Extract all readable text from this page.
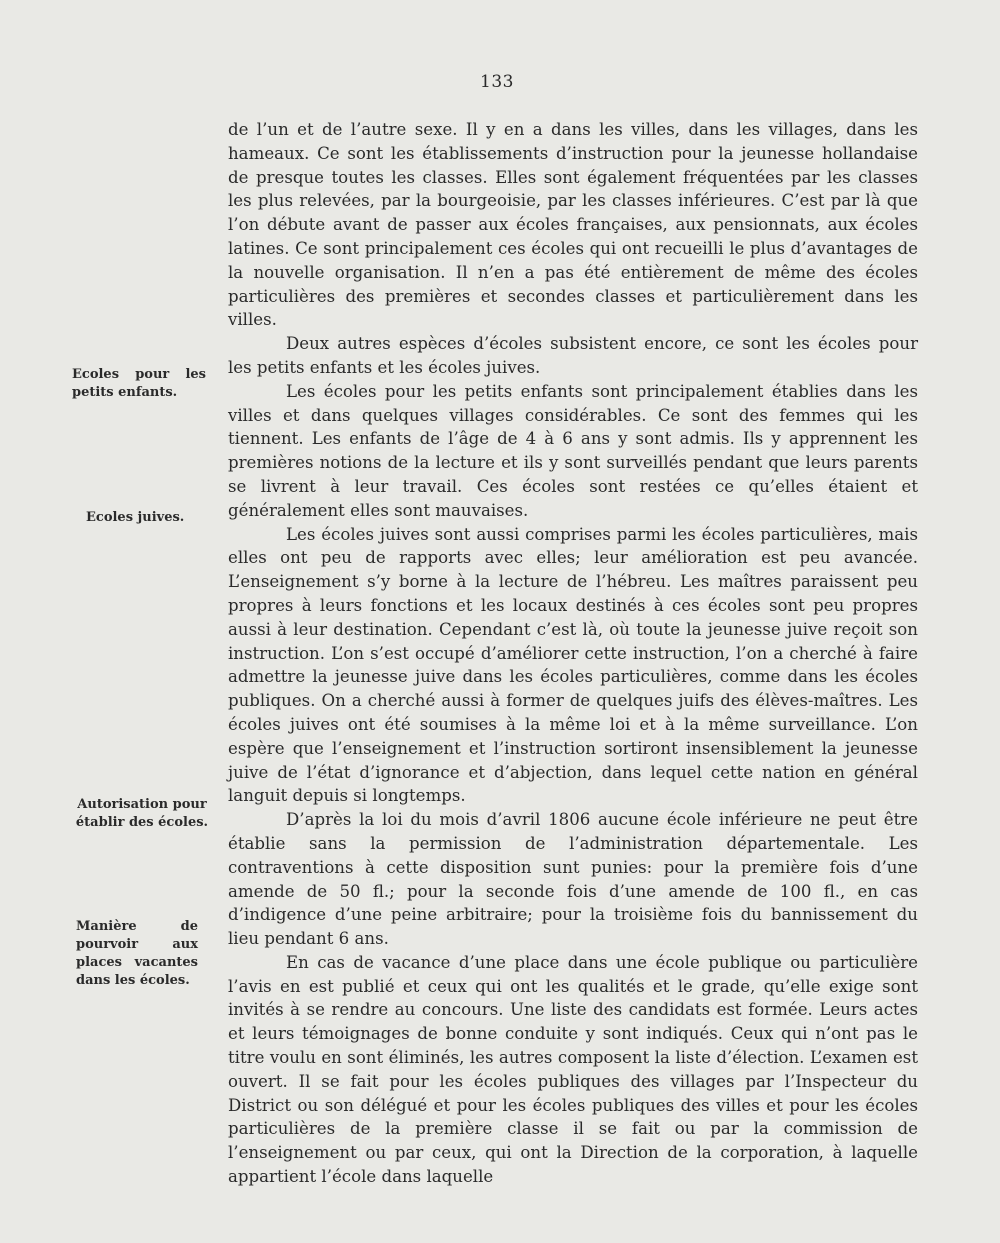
133
Ecoles pour les petits enfants.
Ecoles juives.
Autorisation pour établir des écoles.
Manière de pourvoir aux places vacantes dans les écoles.

de l’un et de l’autre sexe. Il y en a dans les villes, dans les villages, dans les hameaux. Ce sont les établissements d’instruction pour la jeunesse hollandaise de presque toutes les classes. Elles sont également fréquentées par les classes les plus relevées, par la bourgeoisie, par les classes inférieures. C’est par là que l’on débute avant de passer aux écoles françaises, aux pensionnats, aux écoles latines. Ce sont principalement ces écoles qui ont recueilli le plus d’avantages de la nouvelle organisation. Il n’en a pas été entièrement de même des écoles particulières des premières et secondes classes et particulièrement dans les villes.

Deux autres espèces d’écoles subsistent encore, ce sont les écoles pour les petits enfants et les écoles juives.

Les écoles pour les petits enfants sont principalement établies dans les villes et dans quelques villages considérables. Ce sont des femmes qui les tiennent. Les enfants de l’âge de 4 à 6 ans y sont admis. Ils y apprennent les premières notions de la lecture et ils y sont surveillés pendant que leurs parents se livrent à leur travail. Ces écoles sont restées ce qu’elles étaient et généralement elles sont mauvaises.

Les écoles juives sont aussi comprises parmi les écoles particulières, mais elles ont peu de rapports avec elles; leur amélioration est peu avancée. L’enseignement s’y borne à la lecture de l’hébreu. Les maîtres paraissent peu propres à leurs fonctions et les locaux destinés à ces écoles sont peu propres aussi à leur destination. Cependant c’est là, où toute la jeunesse juive reçoit son instruction. L’on s’est occupé d’améliorer cette instruction, l’on a cherché à faire admettre la jeunesse juive dans les écoles particulières, comme dans les écoles publiques. On a cherché aussi à former de quelques juifs des élèves-maîtres. Les écoles juives ont été soumises à la même loi et à la même surveillance. L’on espère que l’enseignement et l’instruction sortiront insensiblement la jeunesse juive de l’état d’ignorance et d’abjection, dans lequel cette nation en général languit depuis si longtemps.

D’après la loi du mois d’avril 1806 aucune école inférieure ne peut être établie sans la permission de l’administration départementale. Les contraventions à cette disposition sunt punies: pour la première fois d’une amende de 50 fl.; pour la seconde fois d’une amende de 100 fl., en cas d’indigence d’une peine arbitraire; pour la troisième fois du bannissement du lieu pendant 6 ans.

En cas de vacance d’une place dans une école publique ou particulière l’avis en est publié et ceux qui ont les qualités et le grade, qu’elle exige sont invités à se rendre au concours. Une liste des candidats est formée. Leurs actes et leurs témoignages de bonne conduite y sont indiqués. Ceux qui n’ont pas le titre voulu en sont éliminés, les autres composent la liste d’élection. L’examen est ouvert. Il se fait pour les écoles publiques des villages par l’Inspecteur du District ou son délégué et pour les écoles publiques des villes et pour les écoles particulières de la première classe il se fait ou par la commission de l’enseignement ou par ceux, qui ont la Direction de la corporation, à laquelle appartient l’école dans laquelle
